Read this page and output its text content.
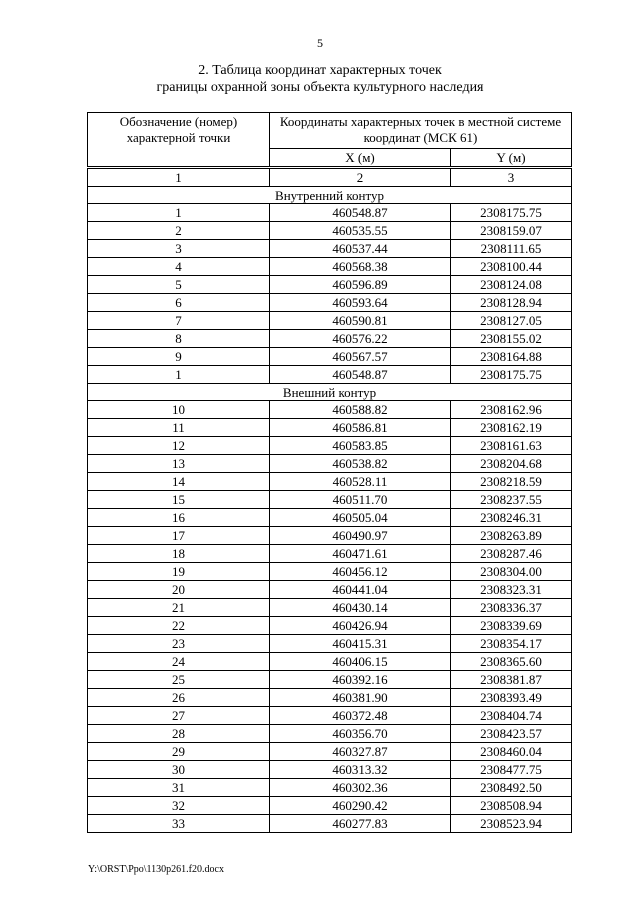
5
2. Таблица координат характерных точек
границы охранной зоны объекта культурного наследия
Обозначение (номер) характерной точки	Координаты характерных точек в местной системе координат (МСК 61)	
	X (м)	Y (м)
1	2	3
Внутренний контур		
1	460548.87	2308175.75
2	460535.55	2308159.07
3	460537.44	2308111.65
4	460568.38	2308100.44
5	460596.89	2308124.08
6	460593.64	2308128.94
7	460590.81	2308127.05
8	460576.22	2308155.02
9	460567.57	2308164.88
1	460548.87	2308175.75
Внешний контур		
10	460588.82	2308162.96
11	460586.81	2308162.19
12	460583.85	2308161.63
13	460538.82	2308204.68
14	460528.11	2308218.59
15	460511.70	2308237.55
16	460505.04	2308246.31
17	460490.97	2308263.89
18	460471.61	2308287.46
19	460456.12	2308304.00
20	460441.04	2308323.31
21	460430.14	2308336.37
22	460426.94	2308339.69
23	460415.31	2308354.17
24	460406.15	2308365.60
25	460392.16	2308381.87
26	460381.90	2308393.49
27	460372.48	2308404.74
28	460356.70	2308423.57
29	460327.87	2308460.04
30	460313.32	2308477.75
31	460302.36	2308492.50
32	460290.42	2308508.94
33	460277.83	2308523.94
Y:\ORST\Ppo\1130p261.f20.docx
